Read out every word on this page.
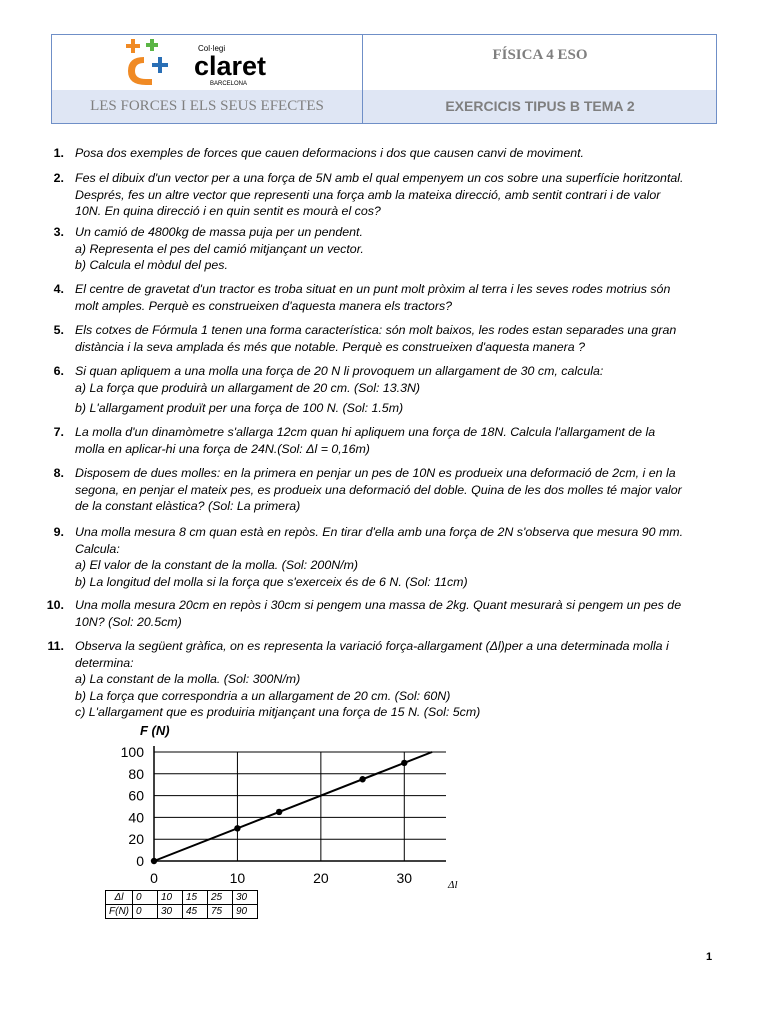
Col·legi
claret
BARCELONA
FÍSICA 4 ESO
LES FORCES I ELS SEUS EFECTES	EXERCICIS TIPUS B TEMA 2
1. Posa dos exemples de forces que cauen deformacions i dos que causen canvi de moviment.
2. Fes el dibuix d'un vector per a una força de 5N amb el qual empenyem un cos sobre una superfície horitzontal.
Després, fes un altre vector que representi una força amb la mateixa direcció, amb sentit contrari i de valor
10N. En quina direcció i en quin sentit es mourà el cos?
3. Un camió de 4800kg de massa puja per un pendent.
a) Representa el pes del camió mitjançant un vector.
b) Calcula el mòdul del pes.
4. El centre de gravetat d'un tractor es troba situat en un punt molt pròxim al terra i les seves rodes motrius són
molt amples. Perquè es construeixen d'aquesta manera els tractors?
5. Els cotxes de Fórmula 1 tenen una forma característica: són molt baixos, les rodes estan separades una gran
distància i la seva amplada és més que notable. Perquè es construeixen d'aquesta manera ?
6. Si quan apliquem a una molla una força de 20 N li provoquem un allargament de 30 cm, calcula:
a) La força que produirà un allargament de 20 cm. (Sol: 13.3N)
b) L'allargament produït per una força de 100 N. (Sol: 1.5m)
7. La molla d'un dinamòmetre s'allarga 12cm quan hi apliquem una força de 18N. Calcula l'allargament de la
molla en aplicar-hi una força de 24N.(Sol: Δl = 0,16m)
8. Disposem de dues molles: en la primera en penjar un pes de 10N es produeix una deformació de 2cm, i en la
segona, en penjar el mateix pes, es produeix una deformació del doble. Quina de les dos molles té major valor
de la constant elàstica? (Sol: La primera)
9. Una molla mesura 8 cm quan està en repòs. En tirar d'ella amb una força de 2N s'observa que mesura 90 mm.
Calcula:
a) El valor de la constant de la molla. (Sol: 200N/m)
b) La longitud del molla si la força que s'exerceix és de 6 N. (Sol: 11cm)
10. Una molla mesura 20cm en repòs i 30cm si pengem una massa de 2kg. Quant mesurarà si pengem un pes de
10N? (Sol: 20.5cm)
11. Observa la següent gràfica, on es representa la variació força-allargament (Δl)per a una determinada molla i
determina:
a) La constant de la molla. (Sol: 300N/m)
b) La força que correspondria a un allargament de 20 cm. (Sol: 60N)
c) L'allargament que es produiria mitjançant una força de 15 N. (Sol: 5cm)
0
20
40
60
80
100
0	10	20	30
F (N)
Δl
Δl	0	10	15	25	30
F(N)	0	30	45	75	90
1
